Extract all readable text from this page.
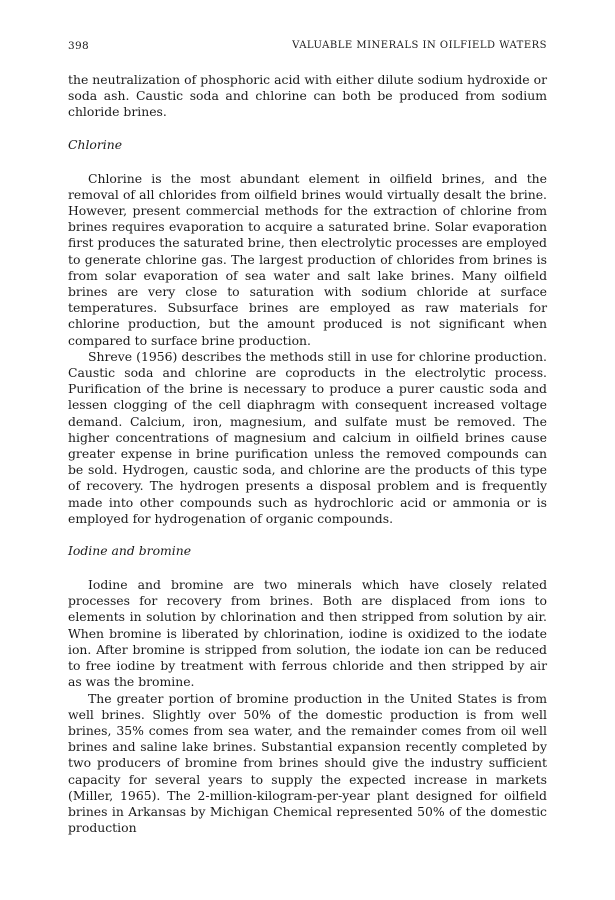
398	VALUABLE MINERALS IN OILFIELD WATERS

the neutralization of phosphoric acid with either dilute sodium hydroxide or soda ash. Caustic soda and chlorine can both be produced from sodium chloride brines.

Chlorine

Chlorine is the most abundant element in oilfield brines, and the removal of all chlorides from oilfield brines would virtually desalt the brine. However, present commercial methods for the extraction of chlorine from brines requires evaporation to acquire a saturated brine. Solar evaporation first produces the saturated brine, then electrolytic processes are employed to generate chlorine gas. The largest production of chlorides from brines is from solar evaporation of sea water and salt lake brines. Many oilfield brines are very close to saturation with sodium chloride at surface temperatures. Subsurface brines are employed as raw materials for chlorine production, but the amount produced is not significant when compared to surface brine production.

Shreve (1956) describes the methods still in use for chlorine production. Caustic soda and chlorine are coproducts in the electrolytic process. Purification of the brine is necessary to produce a purer caustic soda and lessen clogging of the cell diaphragm with consequent increased voltage demand. Calcium, iron, magnesium, and sulfate must be removed. The higher concentrations of magnesium and calcium in oilfield brines cause greater expense in brine purification unless the removed compounds can be sold. Hydrogen, caustic soda, and chlorine are the products of this type of recovery. The hydrogen presents a disposal problem and is frequently made into other compounds such as hydrochloric acid or ammonia or is employed for hydrogenation of organic compounds.

Iodine and bromine

Iodine and bromine are two minerals which have closely related processes for recovery from brines. Both are displaced from ions to elements in solution by chlorination and then stripped from solution by air. When bromine is liberated by chlorination, iodine is oxidized to the iodate ion. After bromine is stripped from solution, the iodate ion can be reduced to free iodine by treatment with ferrous chloride and then stripped by air as was the bromine.

The greater portion of bromine production in the United States is from well brines. Slightly over 50% of the domestic production is from well brines, 35% comes from sea water, and the remainder comes from oil well brines and saline lake brines. Substantial expansion recently completed by two producers of bromine from brines should give the industry sufficient capacity for several years to supply the expected increase in markets (Miller, 1965). The 2-million-kilogram-per-year plant designed for oilfield brines in Arkansas by Michigan Chemical represented 50% of the domestic production
